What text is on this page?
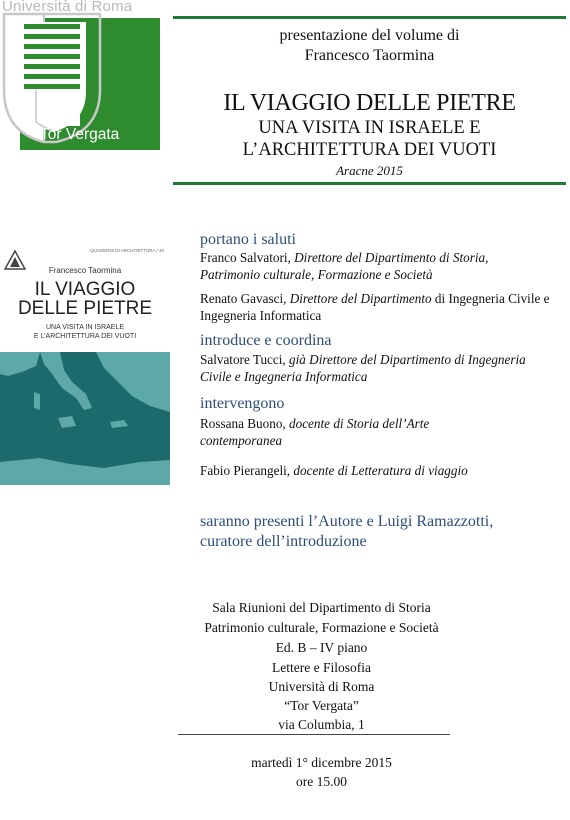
Università di Roma
Tor Vergata
presentazione del volume di
Francesco Taormina
IL VIAGGIO DELLE PIETRE
UNA VISITA IN ISRAELE E
L’ARCHITETTURA DEI VUOTI
Aracne 2015
QUADERNI DI ARCHITETTURA / 30
Francesco Taormina
IL VIAGGIO
DELLE PIETRE
UNA VISITA IN ISRAELE
E L’ARCHITETTURA DEI VUOTI
portano i saluti
Franco Salvatori, Direttore del Dipartimento di Storia, Patrimonio culturale, Formazione e Società
Renato Gavasci, Direttore del Dipartimento di Ingegneria Civile e Ingegneria Informatica
introduce e coordina
Salvatore Tucci, già Direttore del Dipartimento di Ingegneria Civile e Ingegneria Informatica
intervengono
Rossana Buono, docente di Storia dell’Arte contemporanea
Fabio Pierangeli, docente di Letteratura di viaggio
saranno presenti l’Autore e Luigi Ramazzotti,
curatore dell’introduzione
Sala Riunioni del Dipartimento di Storia
Patrimonio culturale, Formazione e Società
Ed. B – IV piano
Lettere e Filosofia
Università di Roma
“Tor Vergata”
via Columbia, 1
martedì 1° dicembre 2015
ore 15.00
